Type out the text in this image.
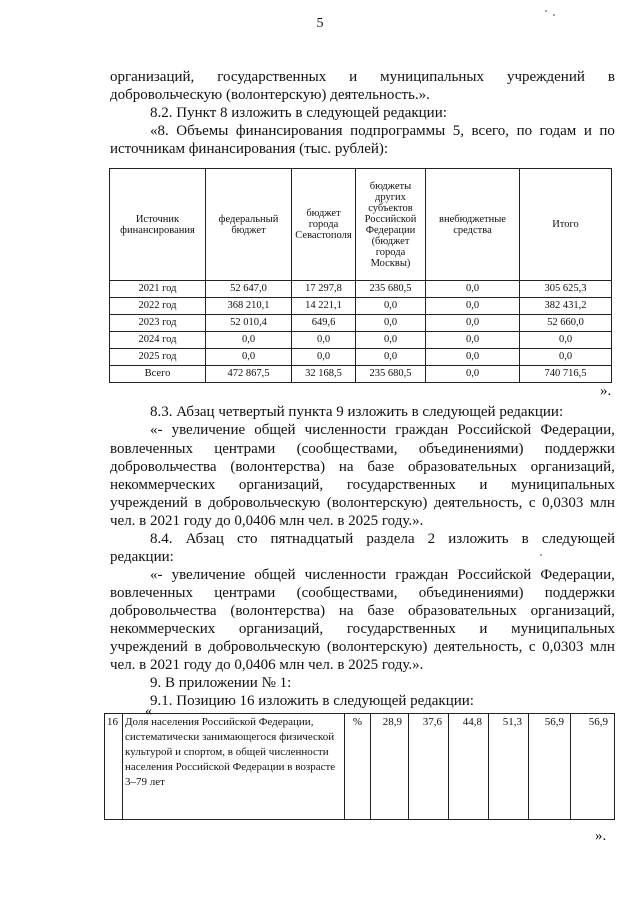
5
организаций, государственных и муниципальных учреждений в
добровольческую (волонтерскую) деятельность.».
8.2. Пункт 8 изложить в следующей редакции:
«8. Объемы финансирования подпрограммы 5, всего, по годам и по
источникам финансирования (тыс. рублей):
Источник финансирования	федеральный бюджет	бюджет города Севастополя	бюджеты других субъектов Российской Федерации (бюджет города Москвы)	внебюджетные средства	Итого
2021 год	52 647,0	17 297,8	235 680,5	0,0	305 625,3
2022 год	368 210,1	14 221,1	0,0	0,0	382 431,2
2023 год	52 010,4	649,6	0,0	0,0	52 660,0
2024 год	0,0	0,0	0,0	0,0	0,0
2025 год	0,0	0,0	0,0	0,0	0,0
Всего	472 867,5	32 168,5	235 680,5	0,0	740 716,5
».
8.3. Абзац четвертый пункта 9 изложить в следующей редакции:
«- увеличение общей численности граждан Российской Федерации,
вовлеченных центрами (сообществами, объединениями) поддержки
добровольчества (волонтерства) на базе образовательных организаций,
некоммерческих организаций, государственных и муниципальных
учреждений в добровольческую (волонтерскую) деятельность, с 0,0303 млн
чел. в 2021 году до 0,0406 млн чел. в 2025 году.».
8.4. Абзац сто пятнадцатый раздела 2 изложить в следующей
редакции:
«- увеличение общей численности граждан Российской Федерации,
вовлеченных центрами (сообществами, объединениями) поддержки
добровольчества (волонтерства) на базе образовательных организаций,
некоммерческих организаций, государственных и муниципальных
учреждений в добровольческую (волонтерскую) деятельность, с 0,0303 млн
чел. в 2021 году до 0,0406 млн чел. в 2025 году.».
9. В приложении № 1:
9.1. Позицию 16 изложить в следующей редакции:
«
16	Доля населения Российской Федерации, систематически занимающегося физической культурой и спортом, в общей численности населения Российской Федерации в возрасте 3–79 лет	%	28,9	37,6	44,8	51,3	56,9	56,9
».
